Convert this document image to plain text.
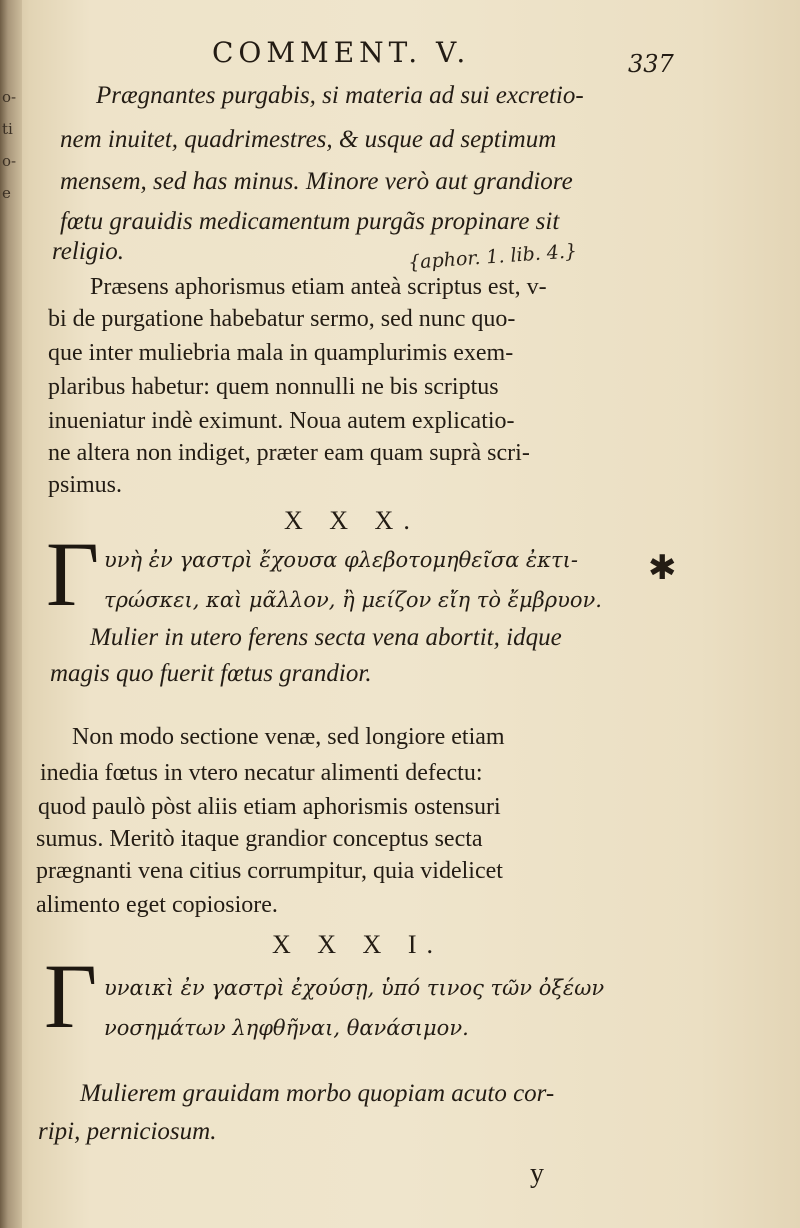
o-
ti
o-
e
COMMENT. V.	337
Prægnantes purgabis, si materia ad sui excretio-
nem inuitet, quadrimestres, & usque ad septimum
mensem, sed has minus. Minore verò aut grandiore
fœtu grauidis medicamentum purgãs propinare sit
religio.	{aphor. 1. lib. 4.}
Præsens aphorismus etiam anteà scriptus est, v-
bi de purgatione habebatur sermo, sed nunc quo-
que inter muliebria mala in quamplurimis exem-
plaribus habetur: quem nonnulli ne bis scriptus
inueniatur indè eximunt. Noua autem explicatio-
ne altera non indiget, præter eam quam suprà scri-
psimus.
X X X.
Γ υνὴ ἐν γαστρὶ ἔχουσα φλεβοτομηθεῖσα ἐκτι-
τρώσκει, καὶ μᾶλλον, ἢ μείζον εἴη τὸ ἔμβρυον.
✱
Mulier in utero ferens secta vena abortit, idque
magis quo fuerit fœtus grandior.
Non modo sectione venæ, sed longiore etiam
inedia fœtus in vtero necatur alimenti defectu:
quod paulò pòst aliis etiam aphorismis ostensuri
sumus. Meritò itaque grandior conceptus secta
prægnanti vena citius corrumpitur, quia videlicet
alimento eget copiosiore.
X X X I.
Γ υναικὶ ἐν γαστρὶ ἐχούσῃ, ὑπό τινος τῶν ὀξέων
νοσημάτων ληφθῆναι, θανάσιμον.
Mulierem grauidam morbo quopiam acuto cor-
ripi, perniciosum.
y
